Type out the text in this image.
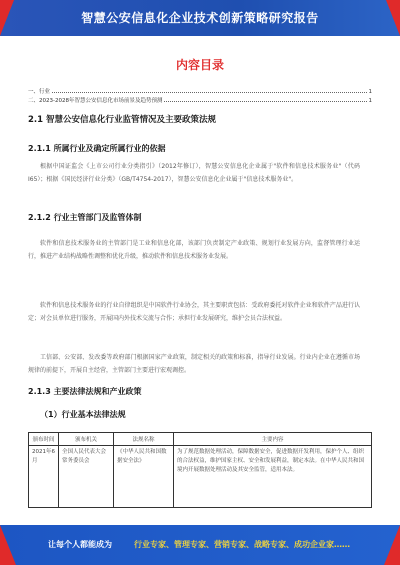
智慧公安信息化企业技术创新策略研究报告
内容目录
一、行业	1
二、2023-2028年智慧公安信息化市场前景及趋势预测	1
2.1 智慧公安信息化行业监管情况及主要政策法规
2.1.1 所属行业及确定所属行业的依据
根据中国证监会《上市公司行业分类指引》（2012年修订），智慧公安信息化企业属于"软件和信息技术服务业"（代码I65）；根据《国民经济行业分类》（GB/T4754-2017），智慧公安信息化企业属于"信息技术服务业"。
2.1.2 行业主管部门及监管体制
软件和信息技术服务业的主管部门是工业和信息化部，该部门负责制定产业政策、规划行业发展方向，监督管理行业运行，推进产业结构战略性调整和优化升级，推动软件和信息技术服务业发展。
软件和信息技术服务业的行业自律组织是中国软件行业协会，其主要职责包括：受政府委托对软件企业和软件产品进行认定；对会员单位进行服务，开展国内外技术交流与合作；承担行业发展研究，维护会员合法权益。
工信部、公安部、发改委等政府部门根据国家产业政策，制定相关的政策和标准，指导行业发展。行业内企业在遵循市场规律的前提下，开展自主经营，主管部门主要进行宏观调控。
2.1.3 主要法律法规和产业政策
（1）行业基本法律法规
颁布时间	颁布机关	法规名称	主要内容
2021年6月	全国人民代表大会常务委员会	《中华人民共和国数据安全法》	为了规范数据处理活动，保障数据安全，促进数据开发利用，保护个人、组织的合法权益，维护国家主权、安全和发展利益，制定本法。在中华人民共和国境内开展数据处理活动及其安全监管，适用本法。
让每个人都能成为	行业专家、管理专家、营销专家、战略专家、成功企业家……
